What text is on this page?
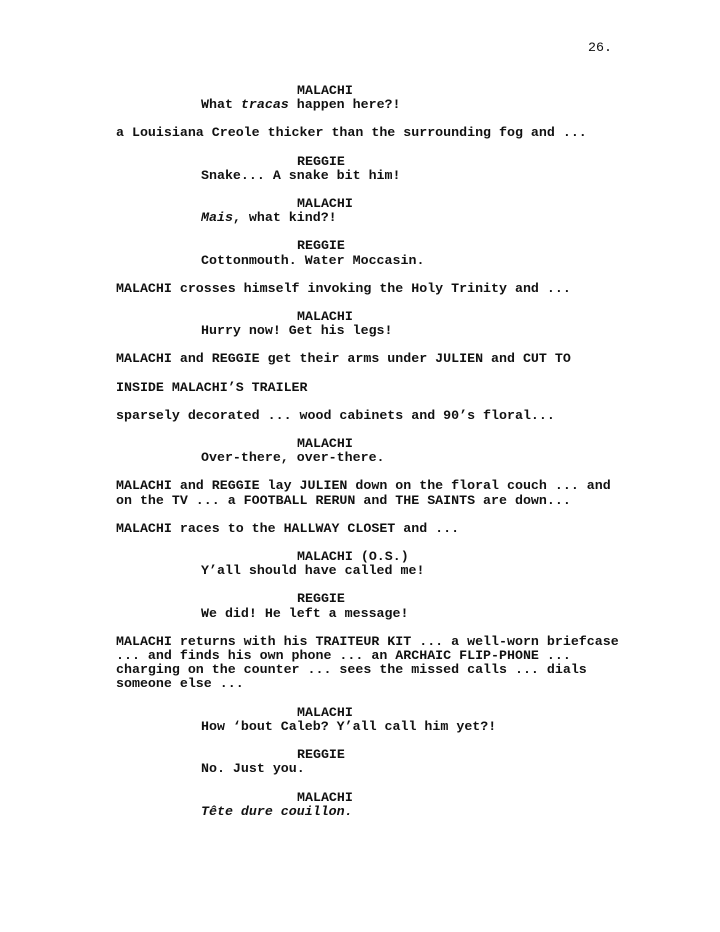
26.
MALACHI
What tracas happen here?!
a Louisiana Creole thicker than the surrounding fog and ...
REGGIE
Snake... A snake bit him!
MALACHI
Mais, what kind?!
REGGIE
Cottonmouth. Water Moccasin.
MALACHI crosses himself invoking the Holy Trinity and ...
MALACHI
Hurry now! Get his legs!
MALACHI and REGGIE get their arms under JULIEN and CUT TO
INSIDE MALACHI’S TRAILER
sparsely decorated ... wood cabinets and 90’s floral...
MALACHI
Over-there, over-there.
MALACHI and REGGIE lay JULIEN down on the floral couch ... and
on the TV ... a FOOTBALL RERUN and THE SAINTS are down...
MALACHI races to the HALLWAY CLOSET and ...
MALACHI (O.S.)
Y’all should have called me!
REGGIE
We did! He left a message!
MALACHI returns with his TRAITEUR KIT ... a well-worn briefcase
... and finds his own phone ... an ARCHAIC FLIP-PHONE ...
charging on the counter ... sees the missed calls ... dials
someone else ...
MALACHI
How ‘bout Caleb? Y’all call him yet?!
REGGIE
No. Just you.
MALACHI
Tête dure couillon.
